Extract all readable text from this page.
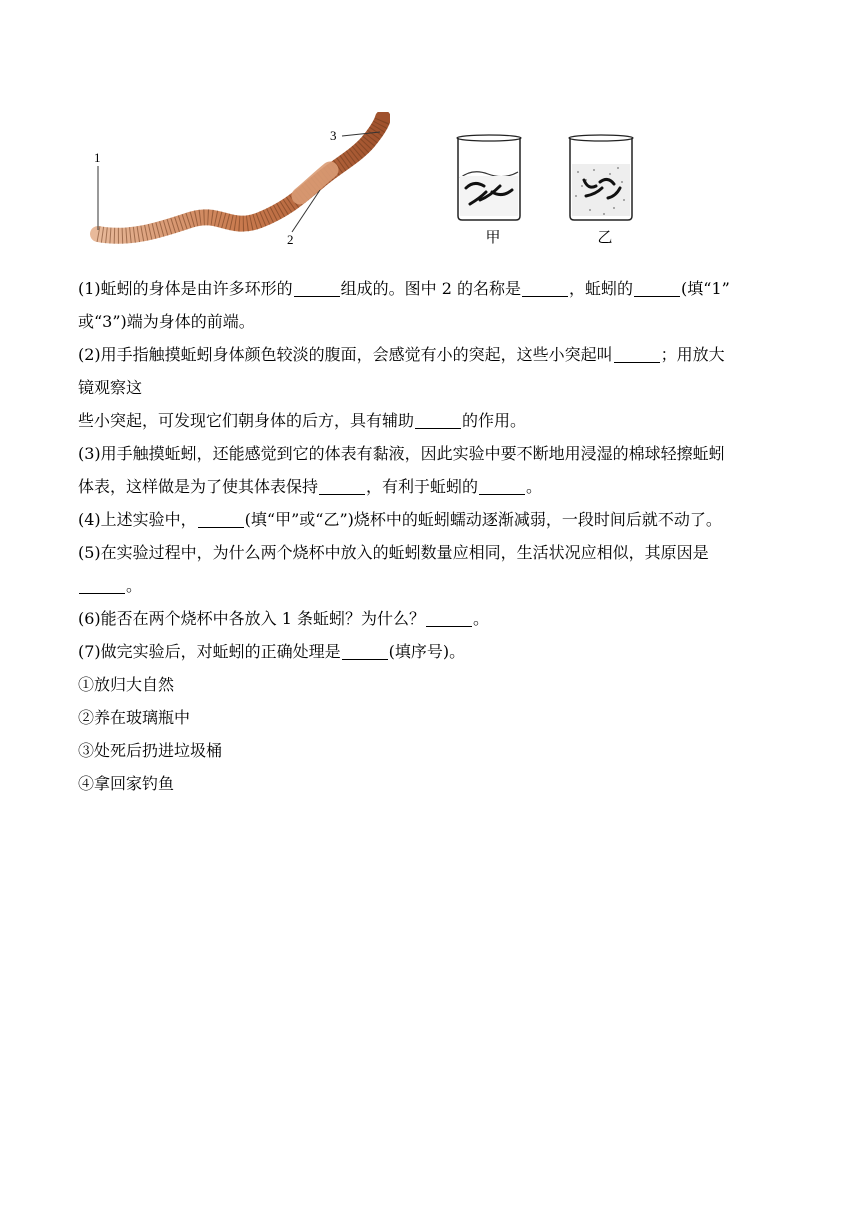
1
2
3
甲	乙
(1)蚯蚓的身体是由许多环形的	组成的。图中 2 的名称是	，蚯蚓的	(填“1”
或“3”)端为身体的前端。
(2)用手指触摸蚯蚓身体颜色较淡的腹面，会感觉有小的突起，这些小突起叫	；用放大
镜观察这
些小突起，可发现它们朝身体的后方，具有辅助	的作用。
(3)用手触摸蚯蚓，还能感觉到它的体表有黏液，因此实验中要不断地用浸湿的棉球轻擦蚯蚓
体表，这样做是为了使其体表保持	，有利于蚯蚓的	。
(4)上述实验中，	(填“甲”或“乙”)烧杯中的蚯蚓蠕动逐渐减弱，一段时间后就不动了。
(5)在实验过程中，为什么两个烧杯中放入的蚯蚓数量应相同，生活状况应相似，其原因是
。
(6)能否在两个烧杯中各放入 1 条蚯蚓？为什么？	。
(7)做完实验后，对蚯蚓的正确处理是	(填序号)。
①放归大自然
②养在玻璃瓶中
③处死后扔进垃圾桶
④拿回家钓鱼
